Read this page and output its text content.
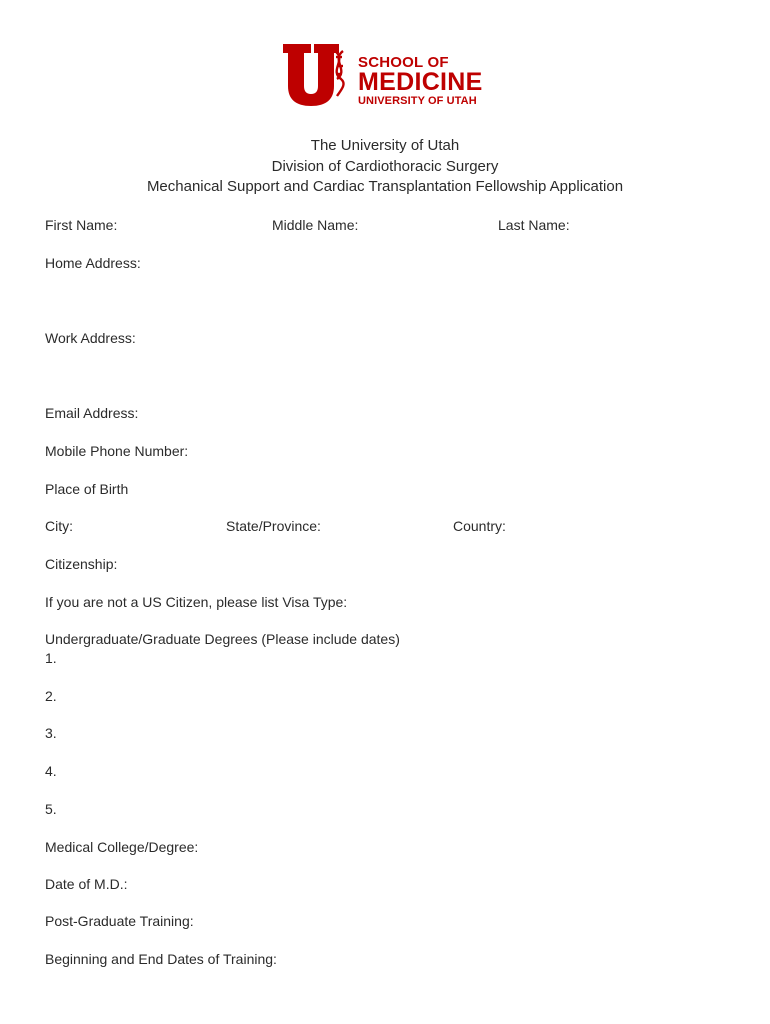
SCHOOL OF
MEDICINE
UNIVERSITY OF UTAH
The University of Utah
Division of Cardiothoracic Surgery
Mechanical Support and Cardiac Transplantation Fellowship Application
First Name:	Middle Name:	Last Name:
Home Address:
Work Address:
Email Address:
Mobile Phone Number:
Place of Birth
City:	State/Province:	Country:
Citizenship:
If you are not a US Citizen, please list Visa Type:
Undergraduate/Graduate Degrees (Please include dates)
1.
2.
3.
4.
5.
Medical College/Degree:
Date of M.D.:
Post-Graduate Training:
Beginning and End Dates of Training:
